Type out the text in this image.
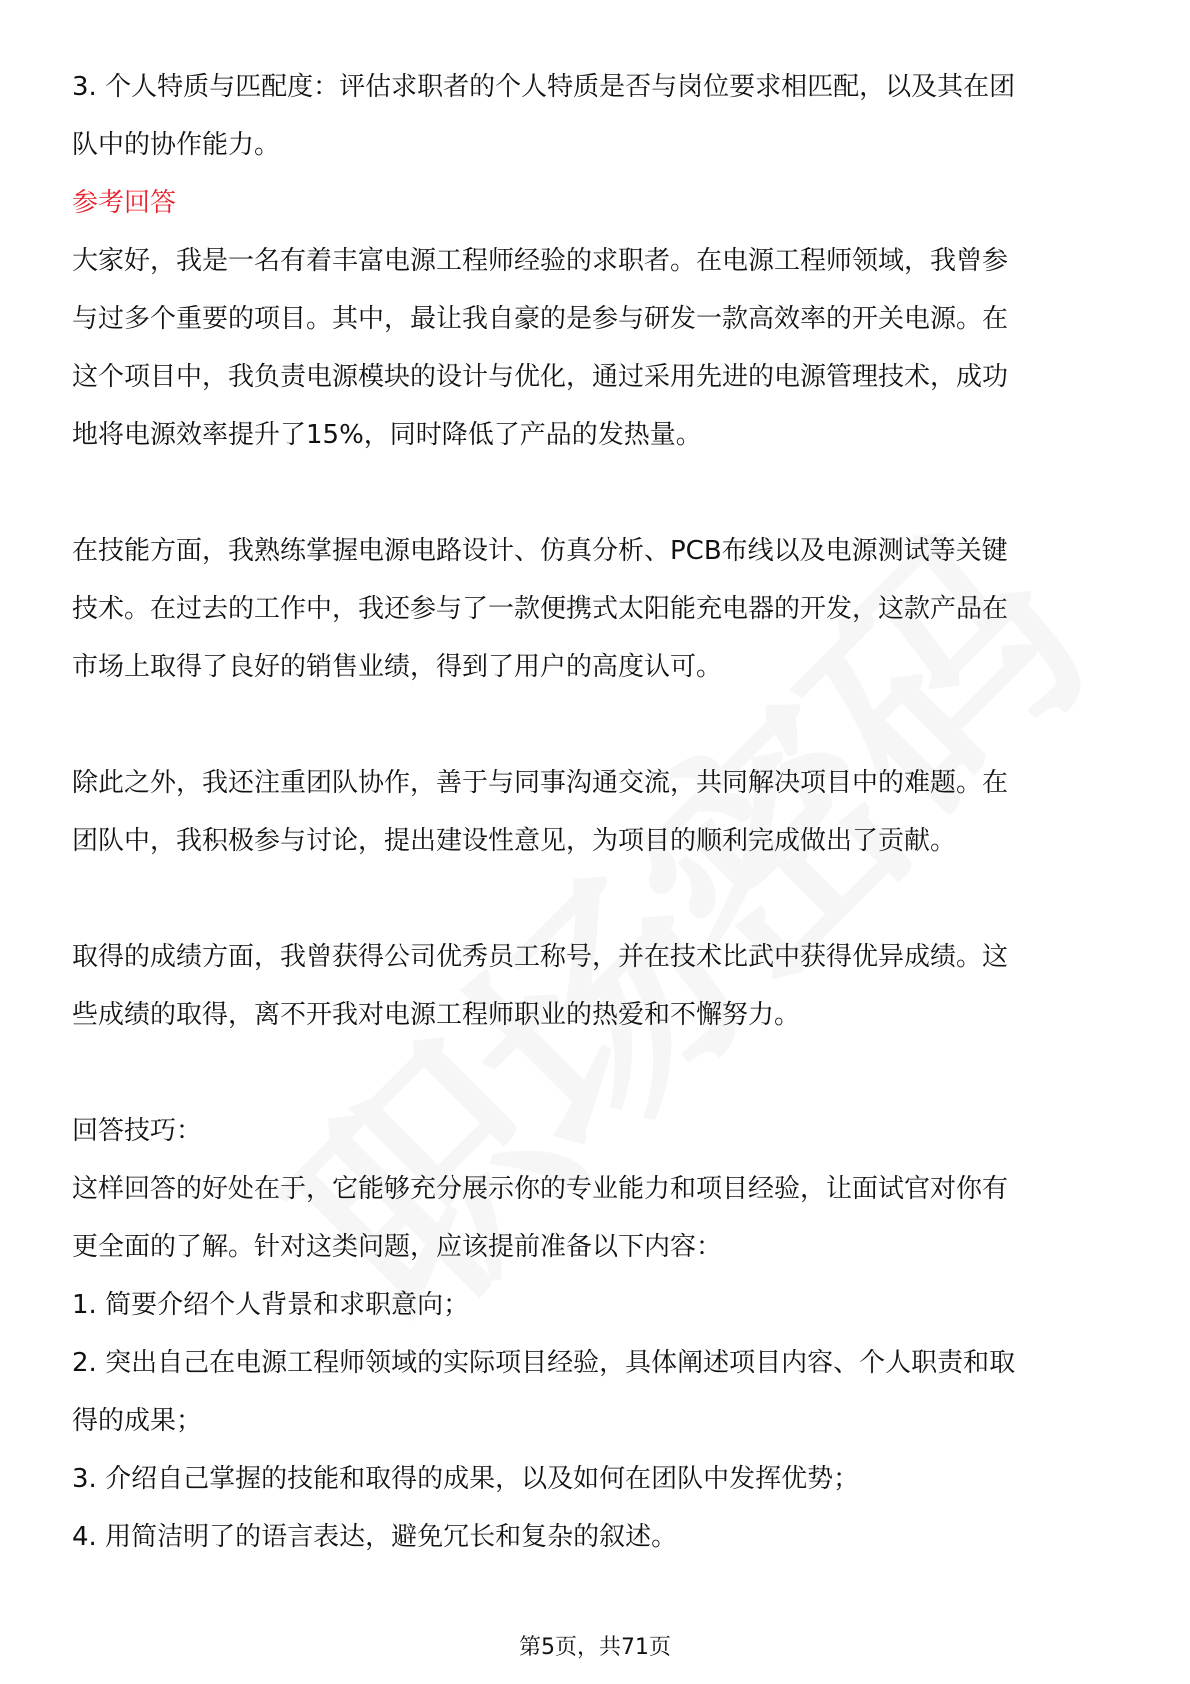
3. 个人特质与匹配度：评估求职者的个人特质是否与岗位要求相匹配，以及其在团
队中的协作能力。
参考回答
大家好，我是一名有着丰富电源工程师经验的求职者。在电源工程师领域，我曾参
与过多个重要的项目。其中，最让我自豪的是参与研发一款高效率的开关电源。在
这个项目中，我负责电源模块的设计与优化，通过采用先进的电源管理技术，成功
地将电源效率提升了15%，同时降低了产品的发热量。
在技能方面，我熟练掌握电源电路设计、仿真分析、PCB布线以及电源测试等关键
技术。在过去的工作中，我还参与了一款便携式太阳能充电器的开发，这款产品在
市场上取得了良好的销售业绩，得到了用户的高度认可。
除此之外，我还注重团队协作，善于与同事沟通交流，共同解决项目中的难题。在
团队中，我积极参与讨论，提出建设性意见，为项目的顺利完成做出了贡献。
取得的成绩方面，我曾获得公司优秀员工称号，并在技术比武中获得优异成绩。这
些成绩的取得，离不开我对电源工程师职业的热爱和不懈努力。
回答技巧：
这样回答的好处在于，它能够充分展示你的专业能力和项目经验，让面试官对你有
更全面的了解。针对这类问题，应该提前准备以下内容：
1. 简要介绍个人背景和求职意向；
2. 突出自己在电源工程师领域的实际项目经验，具体阐述项目内容、个人职责和取
得的成果；
3. 介绍自己掌握的技能和取得的成果，以及如何在团队中发挥优势；
4. 用简洁明了的语言表达，避免冗长和复杂的叙述。
第5页，共71页
